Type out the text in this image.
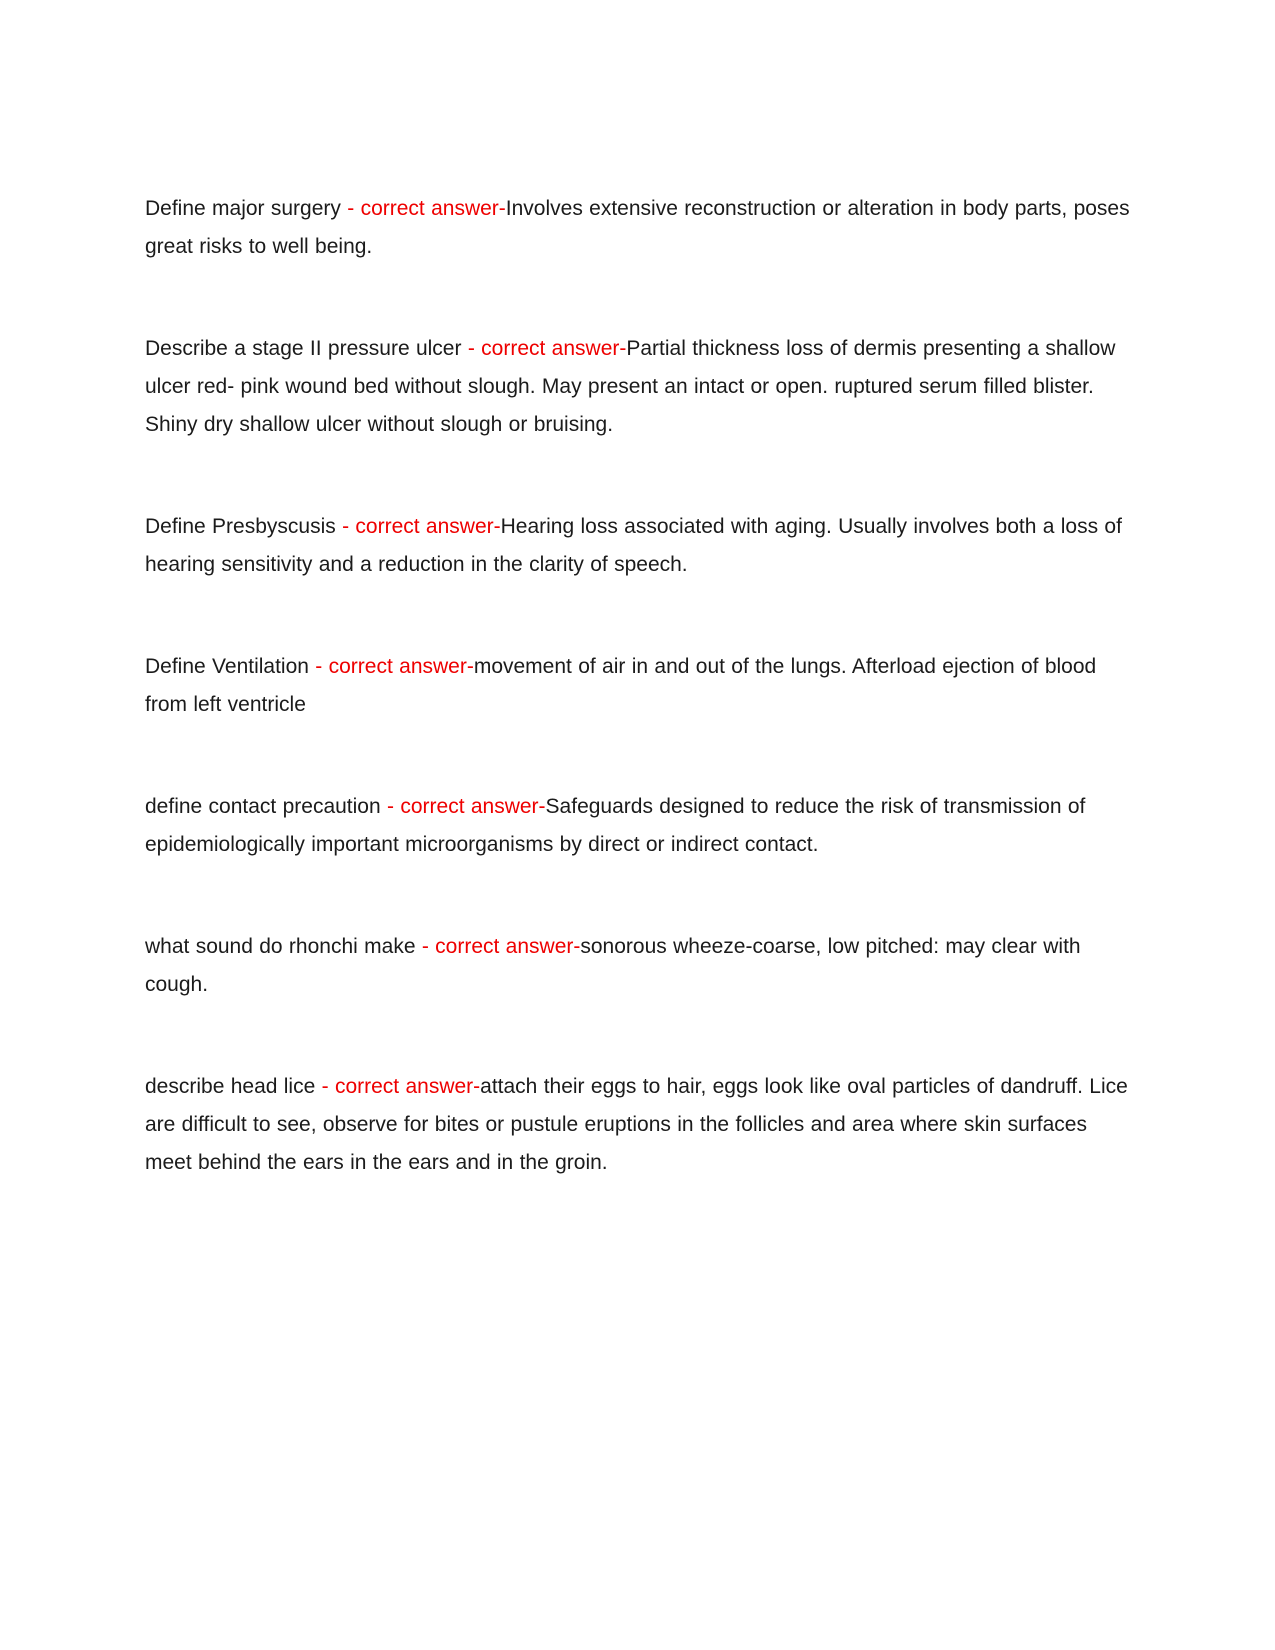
Define major surgery - correct answer-Involves extensive reconstruction or alteration in body parts, poses great risks to well being.

Describe a stage II pressure ulcer - correct answer-Partial thickness loss of dermis presenting a shallow ulcer red- pink wound bed without slough. May present an intact or open. ruptured serum filled blister. Shiny dry shallow ulcer without slough or bruising.

Define Presbyscusis - correct answer-Hearing loss associated with aging. Usually involves both a loss of hearing sensitivity and a reduction in the clarity of speech.

Define Ventilation - correct answer-movement of air in and out of the lungs. Afterload ejection of blood from left ventricle

define contact precaution - correct answer-Safeguards designed to reduce the risk of transmission of epidemiologically important microorganisms by direct or indirect contact.

what sound do rhonchi make - correct answer-sonorous wheeze-coarse, low pitched: may clear with cough.

describe head lice - correct answer-attach their eggs to hair, eggs look like oval particles of dandruff. Lice are difficult to see, observe for bites or pustule eruptions in the follicles and area where skin surfaces meet behind the ears in the ears and in the groin.
